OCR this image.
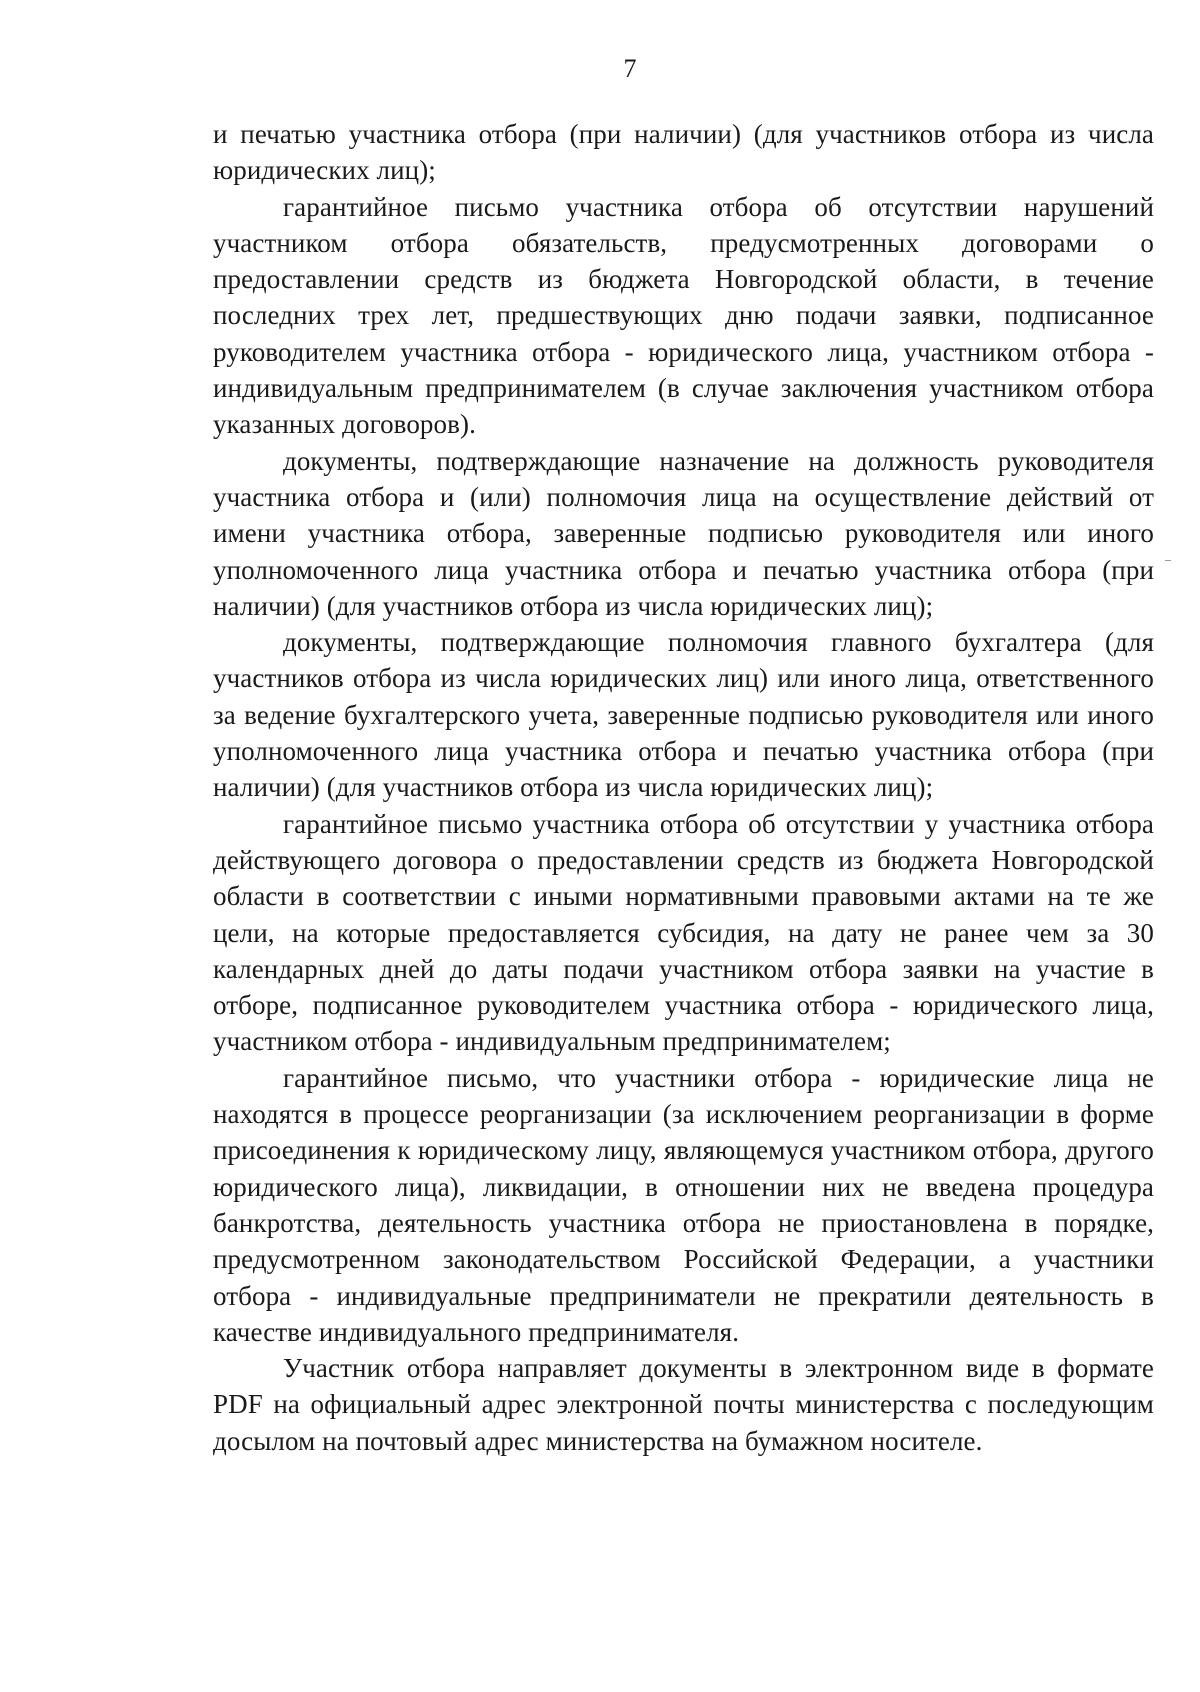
7

и печатью участника отбора (при наличии) (для участников отбора из числа юридических лиц);

гарантийное письмо участника отбора об отсутствии нарушений участником отбора обязательств, предусмотренных договорами о предоставлении средств из бюджета Новгородской области, в течение последних трех лет, предшествующих дню подачи заявки, подписанное руководителем участника отбора - юридического лица, участником отбора - индивидуальным предпринимателем (в случае заключения участником отбора указанных договоров).

документы, подтверждающие назначение на должность руководителя участника отбора и (или) полномочия лица на осуществление действий от имени участника отбора, заверенные подписью руководителя или иного уполномоченного лица участника отбора и печатью участника отбора (при наличии) (для участников отбора из числа юридических лиц);

документы, подтверждающие полномочия главного бухгалтера (для участников отбора из числа юридических лиц) или иного лица, ответственного за ведение бухгалтерского учета, заверенные подписью руководителя или иного уполномоченного лица участника отбора и печатью участника отбора (при наличии) (для участников отбора из числа юридических лиц);

гарантийное письмо участника отбора об отсутствии у участника отбора действующего договора о предоставлении средств из бюджета Новгородской области в соответствии с иными нормативными правовыми актами на те же цели, на которые предоставляется субсидия, на дату не ранее чем за 30 календарных дней до даты подачи участником отбора заявки на участие в отборе, подписанное руководителем участника отбора - юридического лица, участником отбора - индивидуальным предпринимателем;

гарантийное письмо, что участники отбора - юридические лица не находятся в процессе реорганизации (за исключением реорганизации в форме присоединения к юридическому лицу, являющемуся участником отбора, другого юридического лица), ликвидации, в отношении них не введена процедура банкротства, деятельность участника отбора не приостановлена в порядке, предусмотренном законодательством Российской Федерации, а участники отбора - индивидуальные предприниматели не прекратили деятельность в качестве индивидуального предпринимателя.

Участник отбора направляет документы в электронном виде в формате PDF на официальный адрес электронной почты министерства с последующим досылом на почтовый адрес министерства на бумажном носителе.
